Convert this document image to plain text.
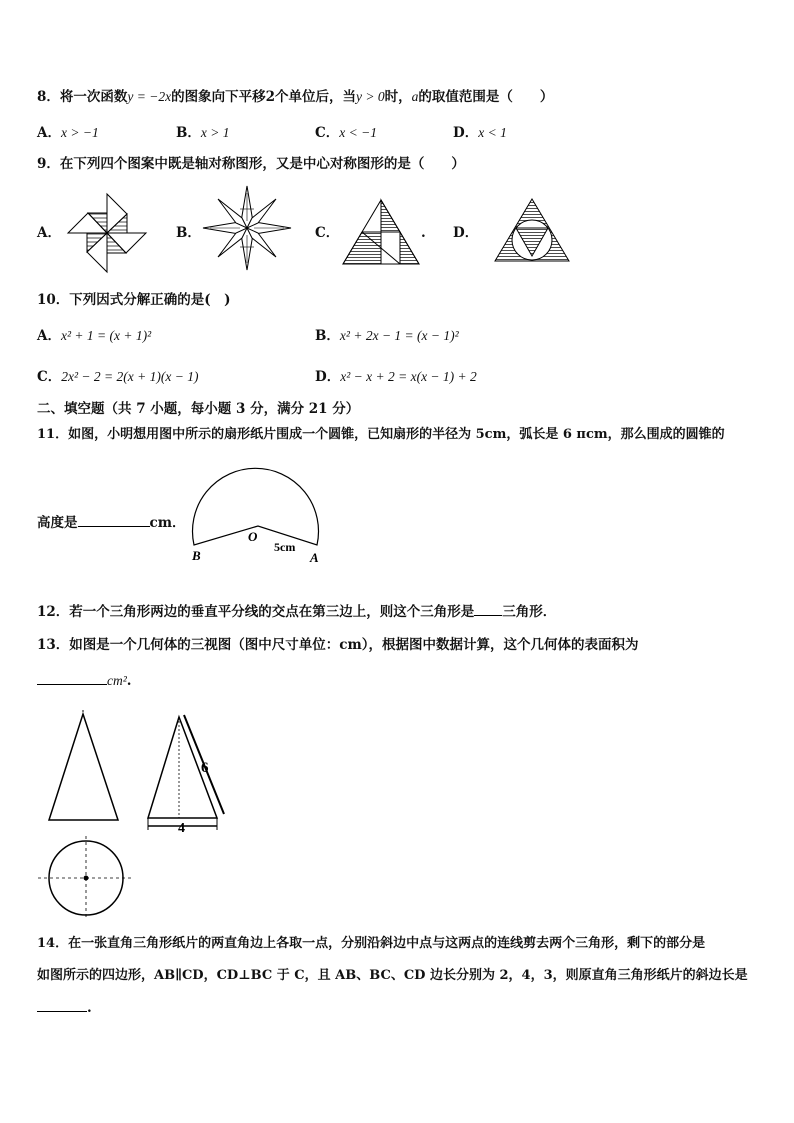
8．将一次函数y = −2x的图象向下平移2个单位后，当y > 0时，a的取值范围是（　　）
A．x > −1	B．x > 1	C．x < −1	D．x < 1
9．在下列四个图案中既是轴对称图形，又是中心对称图形的是（　　）
A．	B．	C．	. D．
10．下列因式分解正确的是(　)
A．x² + 1 = (x + 1)²	B．x² + 2x − 1 = (x − 1)²
C．2x² − 2 = 2(x + 1)(x − 1)	D．x² − x + 2 = x(x − 1) + 2
二、填空题（共 7 小题，每小题 3 分，满分 21 分）
11．如图，小明想用图中所示的扇形纸片围成一个圆锥，已知扇形的半径为 5cm，弧长是 6 πcm，那么围成的圆锥的
高度是	cm．
B
O
A
5cm
12．若一个三角形两边的垂直平分线的交点在第三边上，则这个三角形是 三角形．
13．如图是一个几何体的三视图（图中尺寸单位：cm），根据图中数据计算，这个几何体的表面积为
cm².
6
4
14．在一张直角三角形纸片的两直角边上各取一点，分别沿斜边中点与这两点的连线剪去两个三角形，剩下的部分是
如图所示的四边形，AB∥CD，CD⊥BC 于 C，且 AB、BC、CD 边长分别为 2，4，3，则原直角三角形纸片的斜边长是
.
